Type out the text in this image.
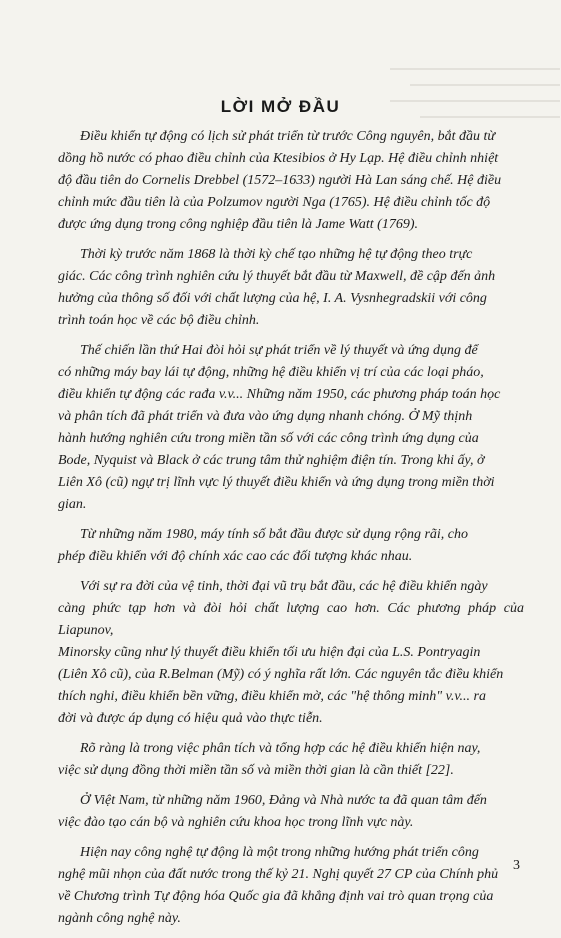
LỜI MỞ ĐẦU

Điều khiển tự động có lịch sử phát triển từ trước Công nguyên, bắt đầu từ
dồng hồ nước có phao điều chỉnh của Ktesibios ở Hy Lạp. Hệ điều chỉnh nhiệt
độ đầu tiên do Cornelis Drebbel (1572–1633) người Hà Lan sáng chế. Hệ điều
chỉnh mức đầu tiên là của Polzumov người Nga (1765). Hệ điều chỉnh tốc độ
được ứng dụng trong công nghiệp đầu tiên là Jame Watt (1769).

Thời kỳ trước năm 1868 là thời kỳ chế tạo những hệ tự động theo trực
giác. Các công trình nghiên cứu lý thuyết bắt đầu từ Maxwell, đề cập đến ảnh
hưởng của thông số đối với chất lượng của hệ, I. A. Vysnhegradskii với công
trình toán học về các bộ điều chỉnh.

Thế chiến lần thứ Hai đòi hỏi sự phát triển về lý thuyết và ứng dụng để
có những máy bay lái tự động, những hệ điều khiển vị trí của các loại pháo,
điều khiển tự động các rađa v.v... Những năm 1950, các phương pháp toán học
và phân tích đã phát triển và đưa vào ứng dụng nhanh chóng. Ở Mỹ thịnh
hành hướng nghiên cứu trong miền tần số với các công trình ứng dụng của
Bode, Nyquist và Black ở các trung tâm thử nghiệm điện tín. Trong khi ấy, ở
Liên Xô (cũ) ngự trị lĩnh vực lý thuyết điều khiển và ứng dụng trong miền thời
gian.

Từ những năm 1980, máy tính số bắt đầu được sử dụng rộng rãi, cho
phép điều khiển với độ chính xác cao các đối tượng khác nhau.

Với sự ra đời của vệ tinh, thời đại vũ trụ bắt đầu, các hệ điều khiển ngày
càng phức tạp hơn và đòi hỏi chất lượng cao hơn. Các phương pháp của Liapunov,
Minorsky cũng như lý thuyết điều khiển tối ưu hiện đại của L.S. Pontryagin
(Liên Xô cũ), của R.Belman (Mỹ) có ý nghĩa rất lớn. Các nguyên tắc điều khiển
thích nghi, điều khiển bền vững, điều khiển mờ, các "hệ thông minh" v.v... ra
đời và được áp dụng có hiệu quả vào thực tiễn.

Rõ ràng là trong việc phân tích và tổng hợp các hệ điều khiển hiện nay,
việc sử dụng đồng thời miền tần số và miền thời gian là cần thiết [22].

Ở Việt Nam, từ những năm 1960, Đảng và Nhà nước ta đã quan tâm đến
việc đào tạo cán bộ và nghiên cứu khoa học trong lĩnh vực này.

Hiện nay công nghệ tự động là một trong những hướng phát triển công
nghệ mũi nhọn của đất nước trong thế kỷ 21. Nghị quyết 27 CP của Chính phủ
về Chương trình Tự động hóa Quốc gia đã khẳng định vai trò quan trọng của
ngành công nghệ này.

3
